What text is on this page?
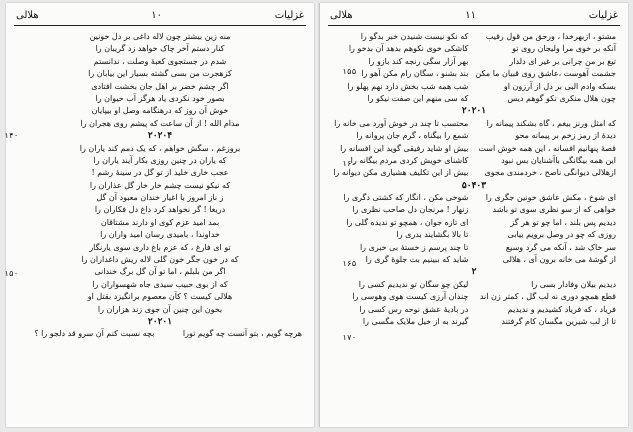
غزلیات
۱۰
هلالی
۱۴۰
۱۵۰
منه زین بیشتر چون لاله داغی بر دل خونین
کنار دستم آخر چاک خواهد زد گریبان را
شدم در جستجوی کعبهٔ وصلت ، ندانستم
کزهجرت من بسی گشته بسیار این بیابان را
اگر چشم خضر بر اهل جان بخشت افتادی
بصور خود نکردی یاد هرگز آب حیوان را
خوش آن روز که درهنگامه وصل او بیپایان
مدام الله ! از آن ساعت که پیشم روی هجران را
۲۰۲۰۴
بروزغم ، سگش خواهم ، که یک دمم کند یاران را
که یاران در چنین روزی بکار آیند یاران را
عجب خاری خلید از تو گل در سینهٔ رشم !
که نیکو نیست چشم خار خار گل عذاران را
ز ناز امروز با اغیار خندان معبود آن گل
دریغا ! گر نخواهد کرد داغ دل فکاران را
بمد امید عزم کوی او دارند مشتاقان
خداوندا ، بامیدی رسان امید واران را
تو ای فارغ ، که عزم باغ داری سوی یارنگار
که در خون جگر خون گلی لاله ریش داغداران را
اگر من بلبلم ، اما تو آن گل برگ خندانی
که از بوی حبیب سیدی جاه شهسواران را
هلالی کیست ؟ کآن معصوم برانگیزد بقتل او
بخون این چنین آن جوی زند هزاران را
۲۰۲۰۱
هرچه گویم ، بتو آنست چه گویم تورا
بچه نسبت کنم آن سرو قد دلجو را ؟
غزلیات
۱۱
هلالی
۱۵۵
۱۶۰
۱۶۵
۱۷۰
مشتو ، ازبهرخدا ، ورحق من قول رقیب
که نکو نیست شنیدن خبر بدگو را
آنکه بر خوی مرا ولیجان روی تو
کاشکی خوی نکوهم بدهد آن بدخو را
تیغ بر من چرانی بر غیر ای دلدار
بهر آزار سگی رنجه کند بازو را
جشمت آهوست ،عاشق روی قبیان ما مکن
بند بشنو ، سگان رام مکن آهو را
بسکه وادم البی بر دل از آرزون او
شب همه شب بخش دارد نهم پهلو را
چون هلال منکری نکو گوهم دیس
که سی منهم این صفت نیکو را
۲۰۲۰۱
که امثل ورنز بیغم ، گاه بشکند پیمانه را
محتسب تا چند در خوش آورد می خانه را
دیدهٔ از رمز زخم بر پیمانه محو
شمع را بیگناه ، گرم جان پروانه را
قصهٔ پنهانیم افسانه ، این همه خوش است
بیش او شاید رفیقی گوید این افسانه را
این همه بیگانگی باآشنایان بس نبود
کاشنای خویش کردی مردم بیگانه را
ازهلالی دیوانگی ناصح ، خردمندی مجوی
بیش از این تکلیف هشیاری مکن دیوانه را
۵۰۴۰۳
ای شوخ ، مکش عاشق خونین جگری را
شوخی مکن ، انگار که کشتی دگری را
خواهی که از سو نظری سوی تو باشد
زنهار ! مرنجان دل صاحب نظری را
دیدیم پس بلند ، اما چو تو هر گز
ای تازه جوان ، همچو تو ندیده گلی را
روزی که چو در وصل برویم بیابی
تا بالا بگشایند بدری را
سر خاک شد ، آنکه می گرد وسیع
تا چند پرسم ز خستهٔ بی خبری را
از گوشهٔ می خانه برون آی ، هلالی
شاید که ببینیم بت جلوهٔ گری را
۲
دیدیم بیلان وفادار بسی را
لیکن چو سگان تو ندیدیم کسی را
قطع همچو دوری نه لب گل ، کمتر زن اند
چندان آرزی کیست هوی وهوسی را
فریاد ، که فریاد کشیدیم و ندیدیم
در بادیهٔ عشق نوحه رس کسی را
تا از لب شیرین مگسان کام گرفتند
گیرند به از خیل ملایک مگسی را
